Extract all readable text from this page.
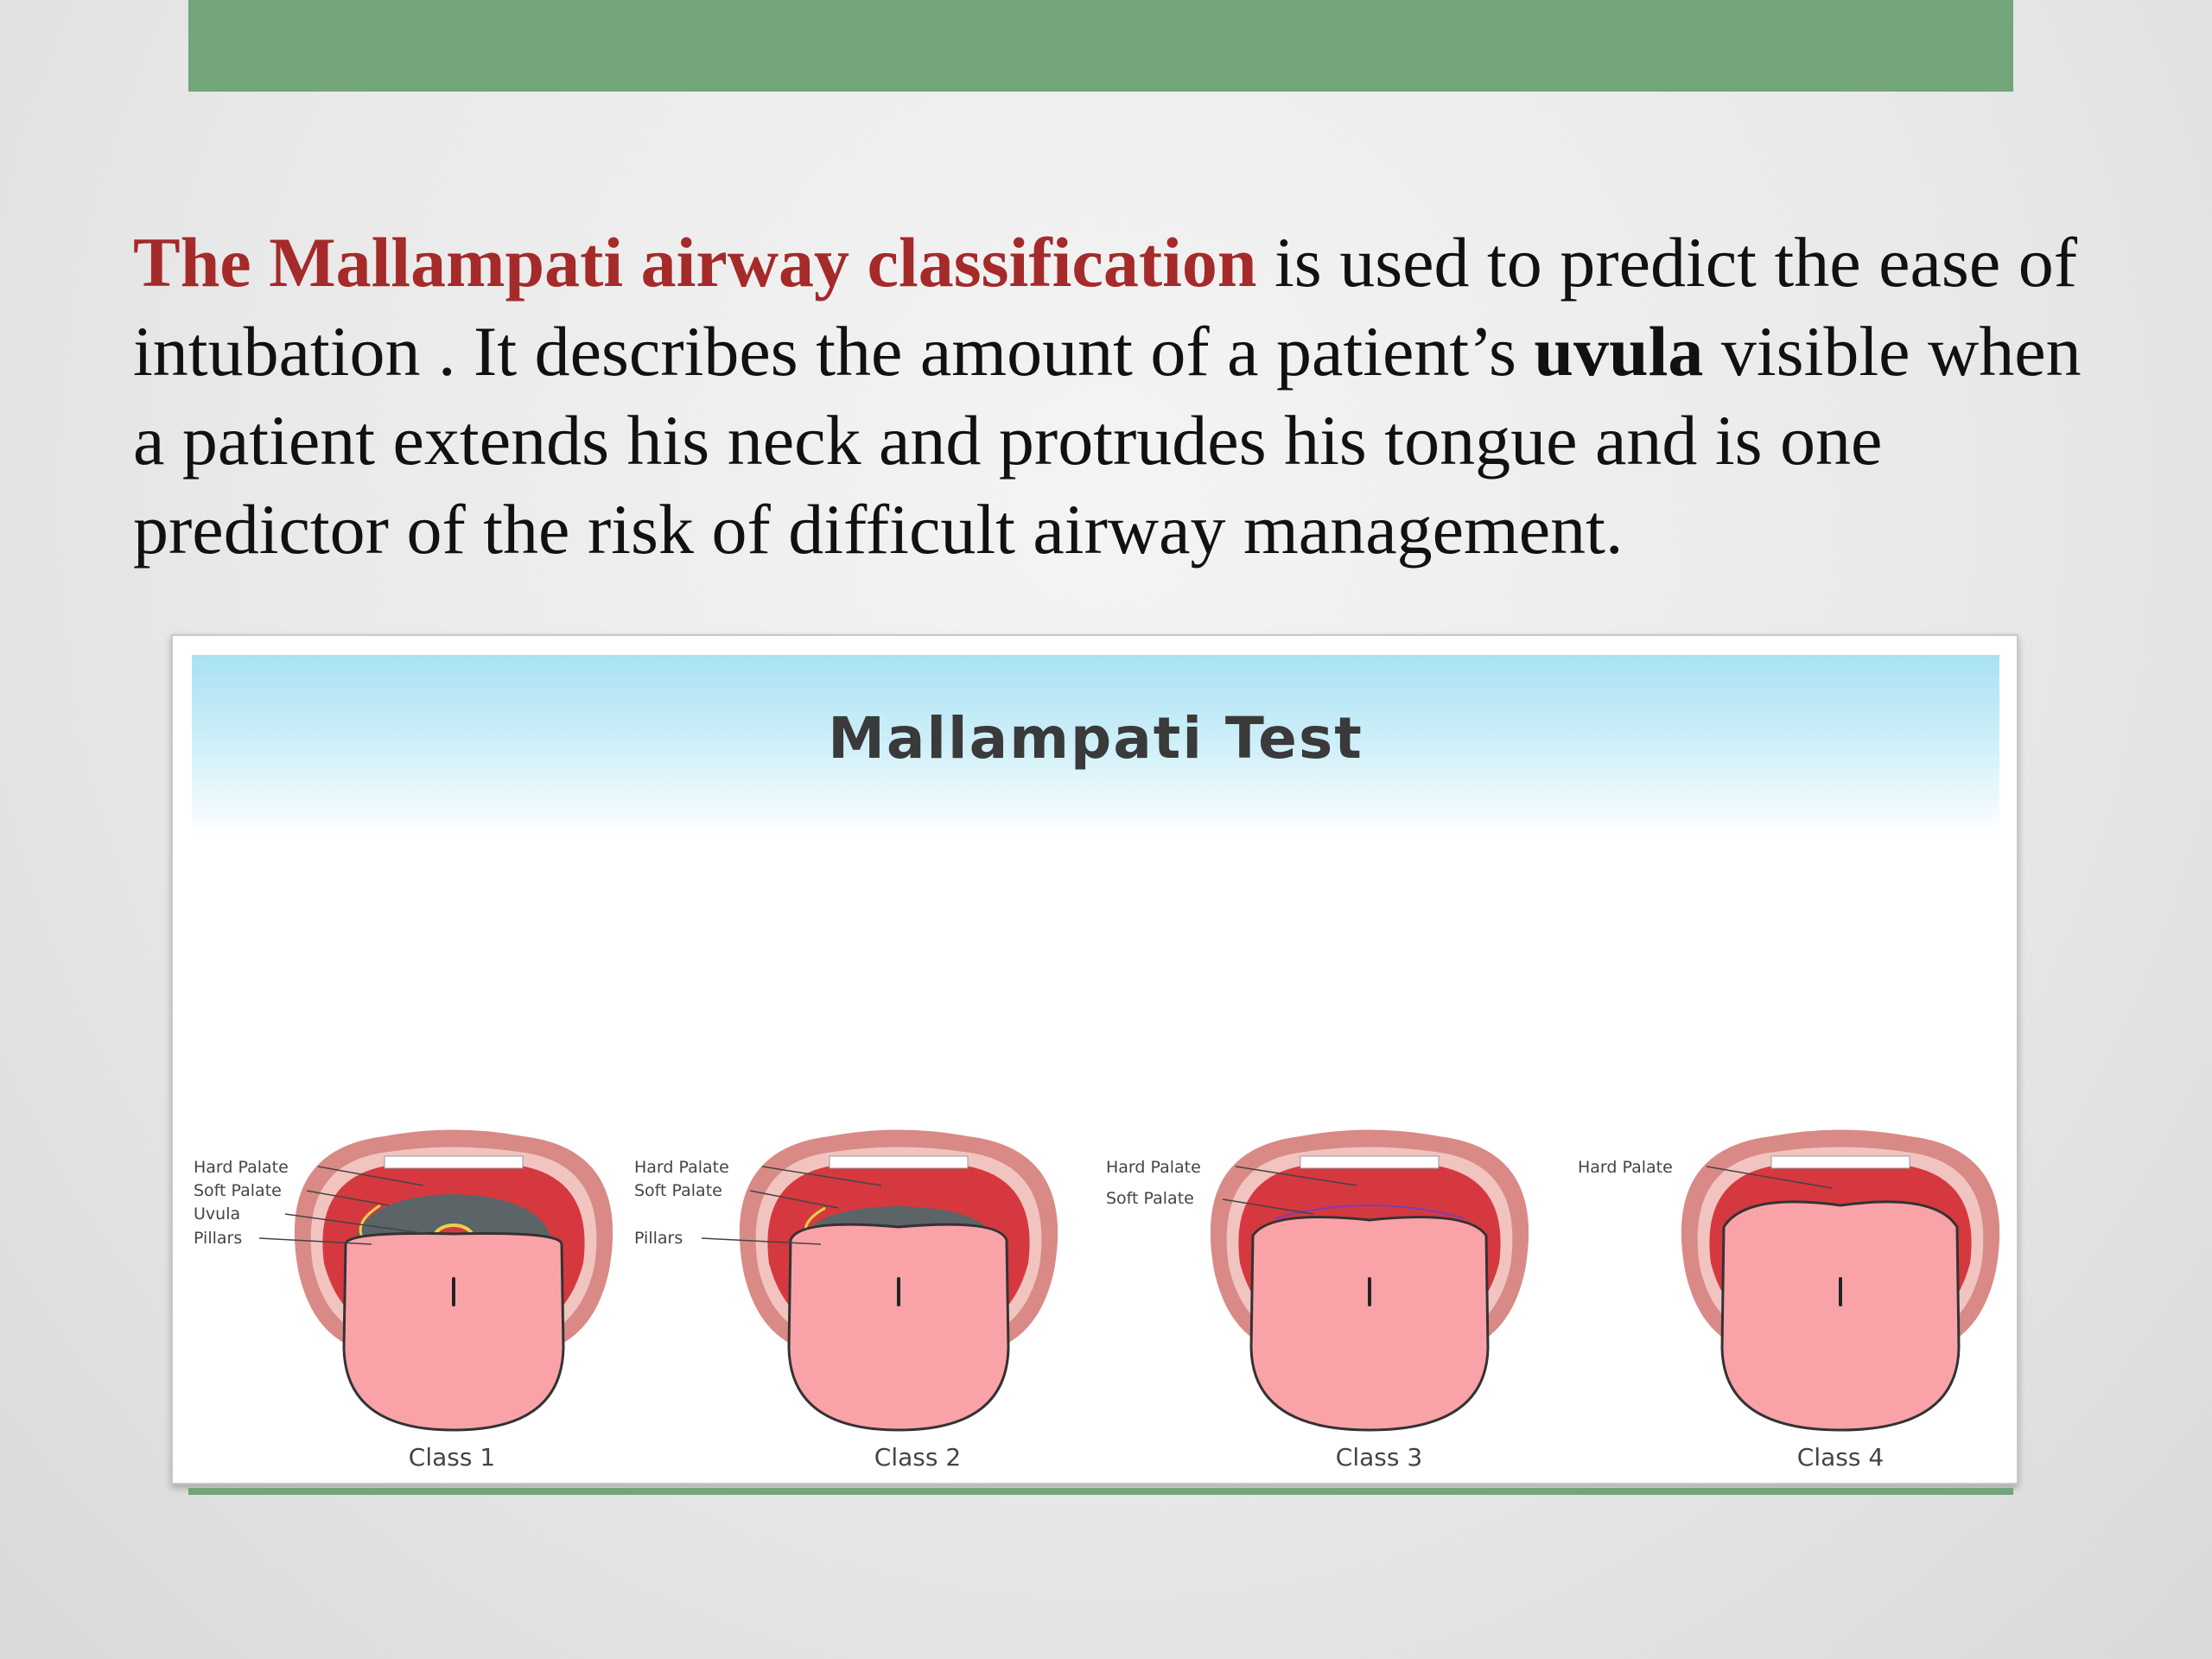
The Mallampati airway classification is used to predict the ease of intubation . It describes the amount of a patient’s uvula visible when a patient extends his neck and protrudes his tongue and is one predictor of the risk of difficult airway management.

Mallampati Test
Hard Palate
Soft Palate
Uvula
Pillars
Class 1
Hard Palate
Soft Palate
Pillars
Class 2
Hard Palate
Soft Palate
Class 3
Hard Palate
Class 4
